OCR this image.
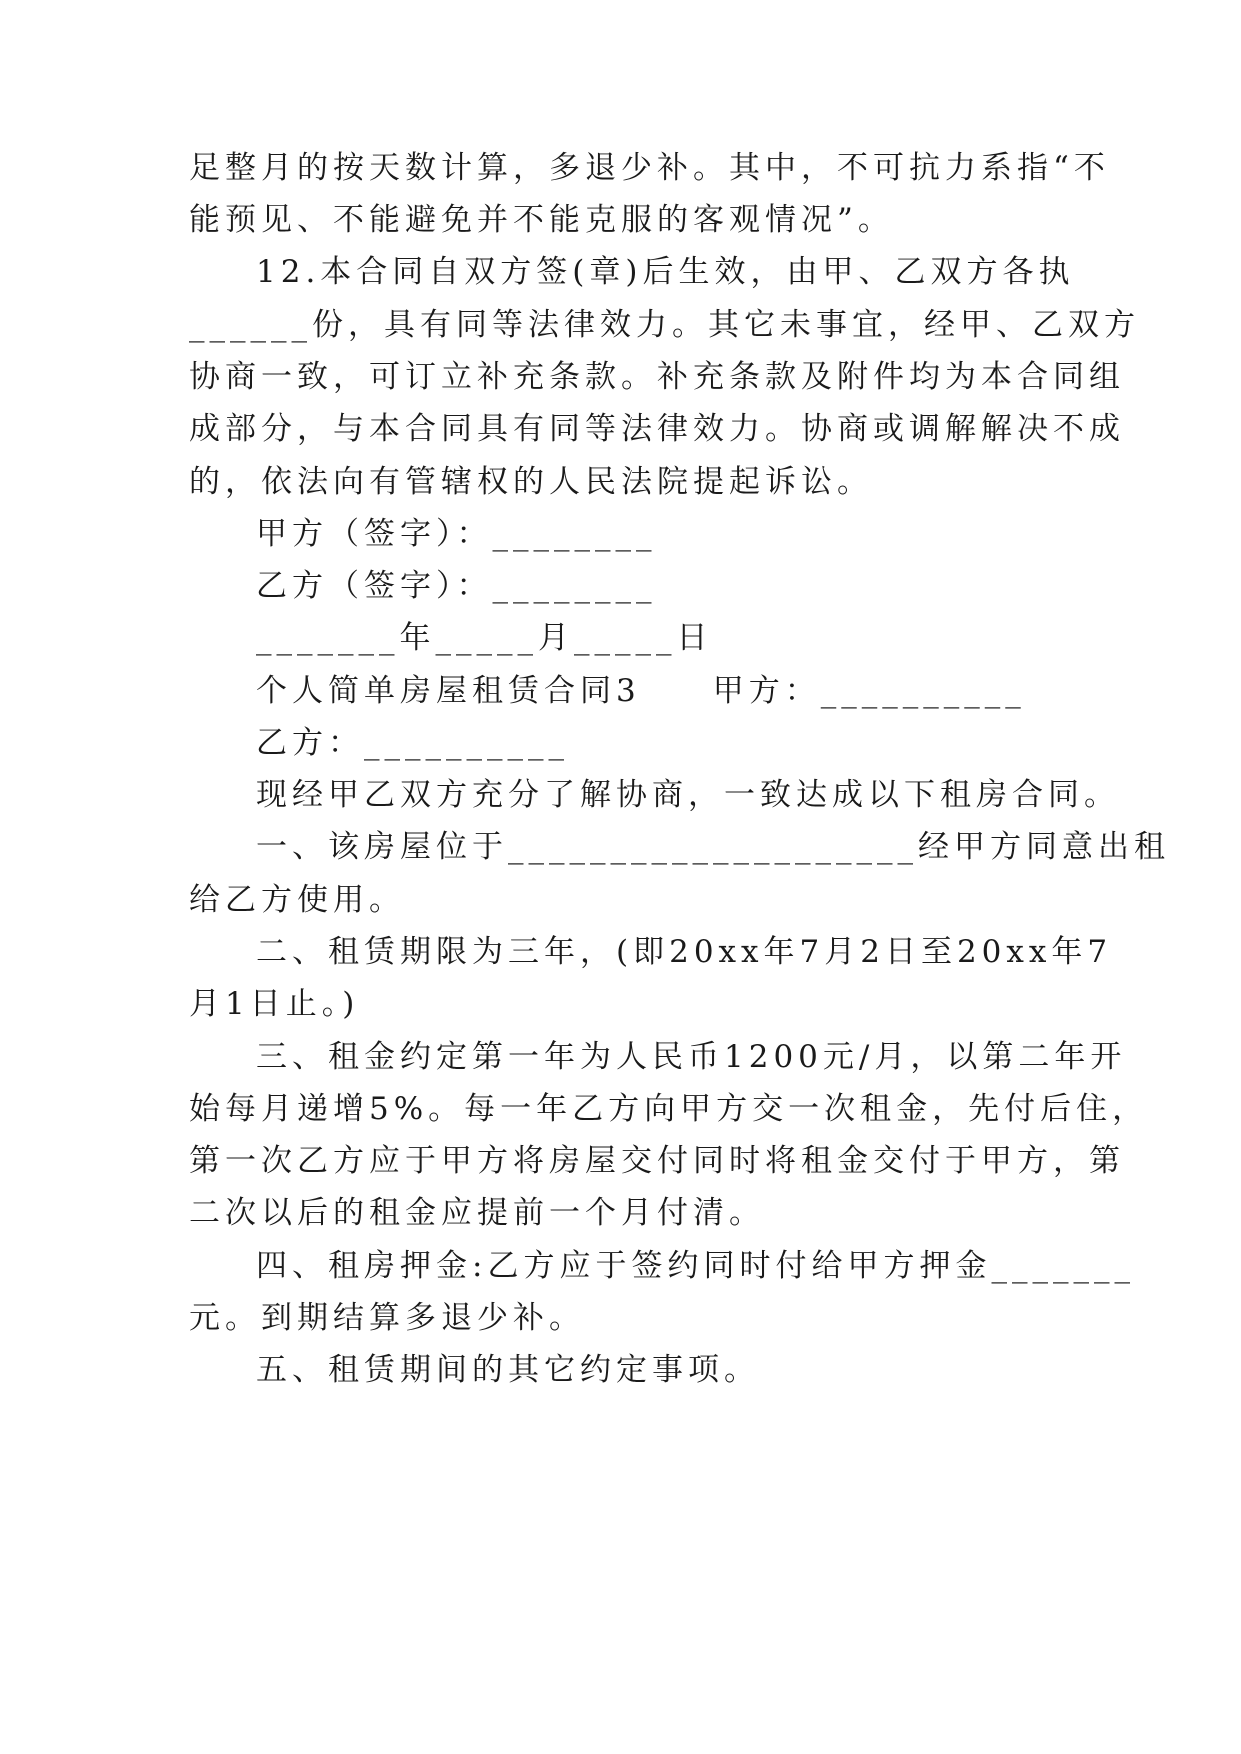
足整月的按天数计算，多退少补。其中，不可抗力系指“不
能预见、不能避免并不能克服的客观情况”。
12.本合同自双方签(章)后生效，由甲、乙双方各执
______份，具有同等法律效力。其它未事宜，经甲、乙双方
协商一致，可订立补充条款。补充条款及附件均为本合同组
成部分，与本合同具有同等法律效力。协商或调解解决不成
的，依法向有管辖权的人民法院提起诉讼。
甲方（签字）：________
乙方（签字）：________
_______年_____月_____日
个人简单房屋租赁合同3　　甲方：__________
乙方：__________
现经甲乙双方充分了解协商，一致达成以下租房合同。
一、该房屋位于____________________经甲方同意出租
给乙方使用。
二、租赁期限为三年，(即20xx年7月2日至20xx年7
月1日止。)
三、租金约定第一年为人民币1200元/月，以第二年开
始每月递增5%。每一年乙方向甲方交一次租金，先付后住，
第一次乙方应于甲方将房屋交付同时将租金交付于甲方，第
二次以后的租金应提前一个月付清。
四、租房押金:乙方应于签约同时付给甲方押金_______
元。到期结算多退少补。
五、租赁期间的其它约定事项。
